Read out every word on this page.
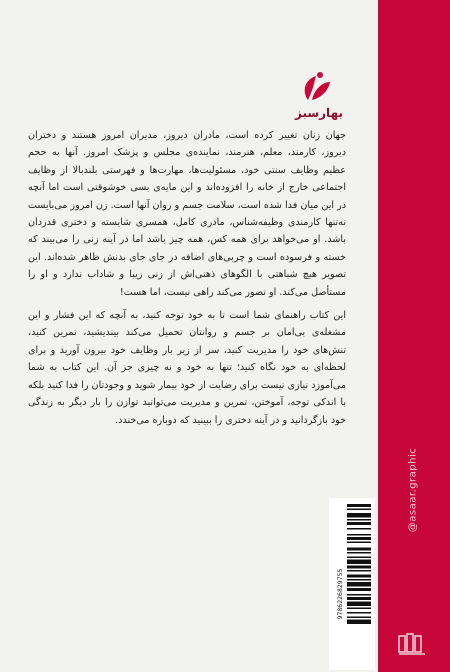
بهارسبز

جهان زنان تغییر کرده است، مادران دیروز، مدیران امروز هستند و دختران دیروز، کارمند، معلم، هنرمند، نماینده‌ی مجلس و پزشک امروز. آنها به حجم عظیم وظایف سنتی خود، مسئولیت‌ها، مهارت‌ها و فهرستی بلندبالا از وظایف اجتماعی خارج از خانه را افزوده‌اند و این مایه‌ی بسی خوشوقتی است اما آنچه در این میان فدا شده است، سلامت جسم و روان آنها است. زن امروز می‌بایست نه‌تنها کارمندی وظیفه‌شناس، مادری کامل، همسری شایسته و دختری قدردان باشد. او می‌خواهد برای همه کس، همه چیز باشد اما در آینه زنی را می‌بیند که خسته و فرسوده است و چربی‌های اضافه در جای جای بدنش ظاهر شده‌اند. این تصویر هیچ شباهتی با الگوهای ذهنی‌اش از زنی زیبا و شاداب ندارد و او را مستأصل می‌کند. او تصور می‌کند راهی نیست، اما هست!

این کتاب راهنمای شما است تا به خود توجه کنید، به آنچه که این فشار و این مشغله‌ی بی‌امان بر جسم و روانتان تحمیل می‌کند بیندیشید، تمرین کنید، تنش‌های خود را مدیریت کنید، سر از زیر بار وظایف خود بیرون آورید و برای لحظه‌ای به خود نگاه کنید؛ تنها به خود و نه چیزی جز آن. این کتاب به شما می‌آموزد نیازی نیست برای رضایت از خود بیمار شوید و وجودتان را فدا کنید بلکه با اندکی توجه، آموختن، تمرین و مدیریت می‌توانید توازن را بار دیگر به زندگی خود بازگردانید و در آینه دختری را ببینید که دوباره می‌خندد.

9786226829755
@asaar.graphic
